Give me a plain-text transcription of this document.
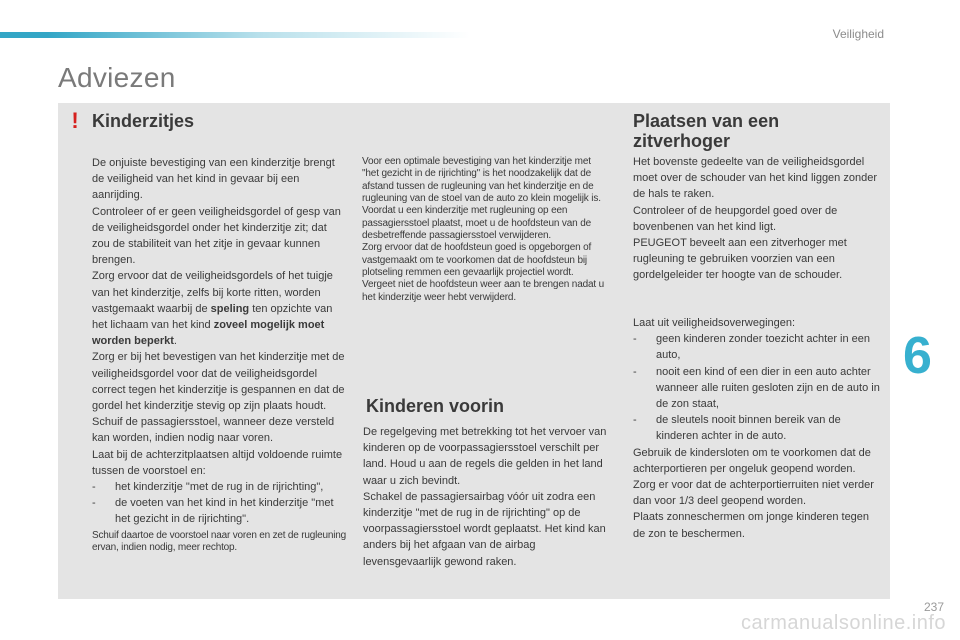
Veiligheid
Adviezen
! Kinderzitjes

De onjuiste bevestiging van een kinderzitje brengt de veiligheid van het kind in gevaar bij een aanrijding.

Controleer of er geen veiligheidsgordel of gesp van de veiligheidsgordel onder het kinderzitje zit; dat zou de stabiliteit van het zitje in gevaar kunnen brengen.

Zorg ervoor dat de veiligheidsgordels of het tuigje van het kinderzitje, zelfs bij korte ritten, worden vastgemaakt waarbij de speling ten opzichte van het lichaam van het kind zoveel mogelijk moet worden beperkt.

Zorg er bij het bevestigen van het kinderzitje met de veiligheidsgordel voor dat de veiligheidsgordel correct tegen het kinderzitje is gespannen en dat de gordel het kinderzitje stevig op zijn plaats houdt. Schuif de passagiersstoel, wanneer deze versteld kan worden, indien nodig naar voren.

Laat bij de achterzitplaatsen altijd voldoende ruimte tussen de voorstoel en:

- het kinderzitje "met de rug in de rijrichting",
- de voeten van het kind in het kinderzitje "met het gezicht in de rijrichting".

Schuif daartoe de voorstoel naar voren en zet de rugleuning ervan, indien nodig, meer rechtop.

Voor een optimale bevestiging van het kinderzitje met "het gezicht in de rijrichting" is het noodzakelijk dat de afstand tussen de rugleuning van het kinderzitje en de rugleuning van de stoel van de auto zo klein mogelijk is.

Voordat u een kinderzitje met rugleuning op een passagiersstoel plaatst, moet u de hoofdsteun van de desbetreffende passagiersstoel verwijderen.

Zorg ervoor dat de hoofdsteun goed is opgeborgen of vastgemaakt om te voorkomen dat de hoofdsteun bij plotseling remmen een gevaarlijk projectiel wordt.

Vergeet niet de hoofdsteun weer aan te brengen nadat u het kinderzitje weer hebt verwijderd.

Kinderen voorin

De regelgeving met betrekking tot het vervoer van kinderen op de voorpassagiersstoel verschilt per land. Houd u aan de regels die gelden in het land waar u zich bevindt.

Schakel de passagiersairbag vóór uit zodra een kinderzitje "met de rug in de rijrichting" op de voorpassagiersstoel wordt geplaatst. Het kind kan anders bij het afgaan van de airbag levensgevaarlijk gewond raken.

Plaatsen van een zitverhoger

Het bovenste gedeelte van de veiligheidsgordel moet over de schouder van het kind liggen zonder de hals te raken.

Controleer of de heupgordel goed over de bovenbenen van het kind ligt.

PEUGEOT beveelt aan een zitverhoger met rugleuning te gebruiken voorzien van een gordelgeleider ter hoogte van de schouder.

Laat uit veiligheidsoverwegingen:

- geen kinderen zonder toezicht achter in een auto,
- nooit een kind of een dier in een auto achter wanneer alle ruiten gesloten zijn en de auto in de zon staat,
- de sleutels nooit binnen bereik van de kinderen achter in de auto.

Gebruik de kindersloten om te voorkomen dat de achterportieren per ongeluk geopend worden.

Zorg er voor dat de achterportierruiten niet verder dan voor 1/3 deel geopend worden.

Plaats zonneschermen om jonge kinderen tegen de zon te beschermen.

6
carmanualsonline.info
237
